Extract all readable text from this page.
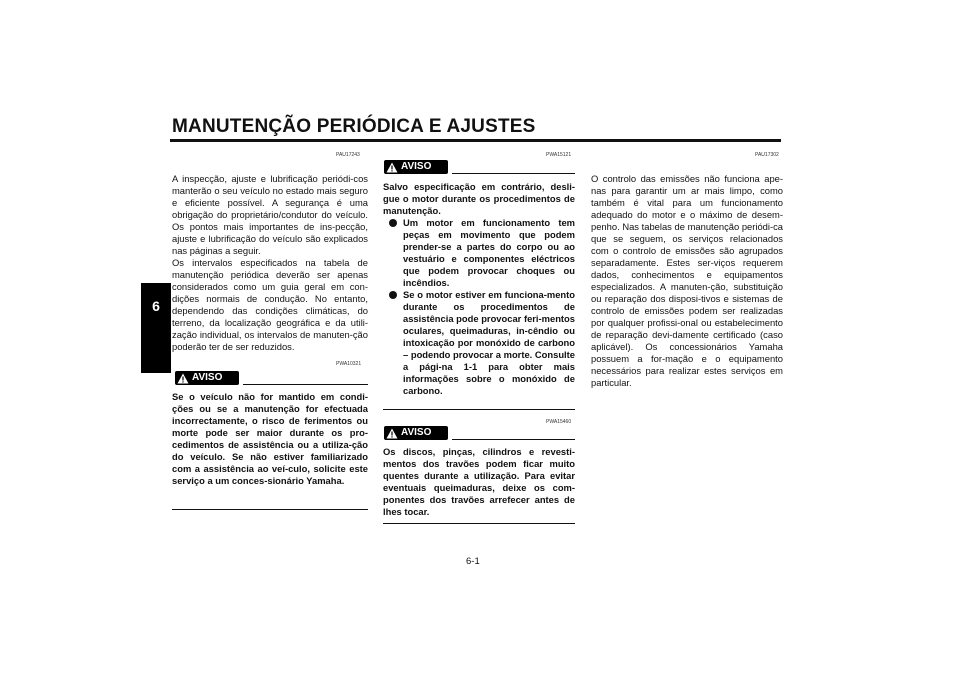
MANUTENÇÃO PERIÓDICA E AJUSTES
6
PAU17243

A inspecção, ajuste e lubrificação periódi-cos manterão o seu veículo no estado mais seguro e eficiente possível. A segurança é uma obrigação do proprietário/condutor do veículo. Os pontos mais importantes de ins-pecção, ajuste e lubrificação do veículo são explicados nas páginas a seguir.

Os intervalos especificados na tabela de manutenção periódica deverão ser apenas considerados como um guia geral em con-dições normais de condução. No entanto, dependendo das condições climáticas, do terreno, da localização geográfica e da utili-zação individual, os intervalos de manuten-ção poderão ter de ser reduzidos.

PWA10321
AVISO

Se o veículo não for mantido em condi-ções ou se a manutenção for efectuada incorrectamente, o risco de ferimentos ou morte pode ser maior durante os pro-cedimentos de assistência ou a utiliza-ção do veículo. Se não estiver familiarizado com a assistência ao veí-culo, solicite este serviço a um conces-sionário Yamaha.

PWA15121
AVISO

Salvo especificação em contrário, desli-gue o motor durante os procedimentos de manutenção.

Um motor em funcionamento tem peças em movimento que podem prender-se a partes do corpo ou ao vestuário e componentes eléctricos que podem provocar choques ou incêndios.
Se o motor estiver em funciona-mento durante os procedimentos de assistência pode provocar feri-mentos oculares, queimaduras, in-cêndio ou intoxicação por monóxido de carbono – podendo provocar a morte. Consulte a pági-na 1-1 para obter mais informações sobre o monóxido de carbono.
PWA15460
AVISO

Os discos, pinças, cilindros e revesti-mentos dos travões podem ficar muito quentes durante a utilização. Para evitar eventuais queimaduras, deixe os com-ponentes dos travões arrefecer antes de lhes tocar.

PAU17302

O controlo das emissões não funciona ape-nas para garantir um ar mais limpo, como também é vital para um funcionamento adequado do motor e o máximo de desem-penho. Nas tabelas de manutenção periódi-ca que se seguem, os serviços relacionados com o controlo de emissões são agrupados separadamente. Estes ser-viços requerem dados, conhecimentos e equipamentos especializados. A manuten-ção, substituição ou reparação dos disposi-tivos e sistemas de controlo de emissões podem ser realizadas por qualquer profissi-onal ou estabelecimento de reparação devi-damente certificado (caso aplicável). Os concessionários Yamaha possuem a for-mação e o equipamento necessários para realizar estes serviços em particular.

6-1
